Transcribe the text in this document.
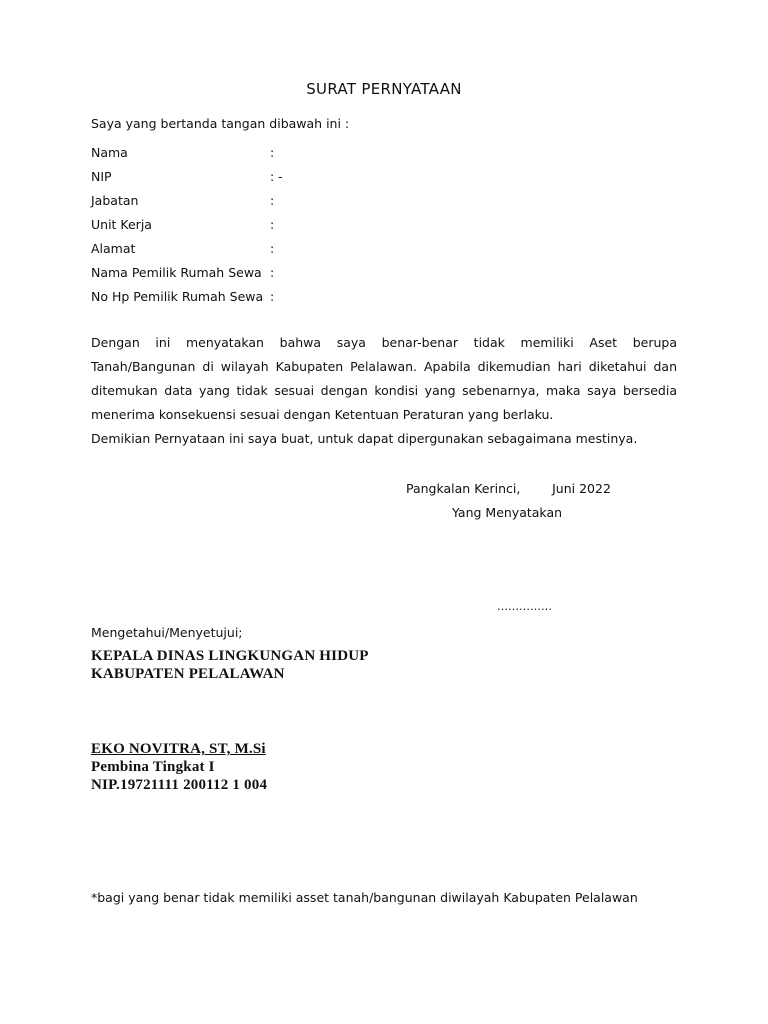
SURAT PERNYATAAN
Saya yang bertanda tangan dibawah ini :
Nama	:
NIP	: -
Jabatan	:
Unit Kerja	:
Alamat	:
Nama Pemilik Rumah Sewa :
No Hp Pemilik Rumah Sewa :
Dengan ini menyatakan bahwa saya benar-benar tidak memiliki Aset berupa Tanah/Bangunan di wilayah Kabupaten Pelalawan. Apabila dikemudian hari diketahui dan ditemukan data yang tidak sesuai dengan kondisi yang sebenarnya, maka saya bersedia menerima konsekuensi sesuai dengan Ketentuan Peraturan yang berlaku.
Demikian Pernyataan ini saya buat, untuk dapat dipergunakan sebagaimana mestinya.
Pangkalan Kerinci,        Juni 2022
Yang Menyatakan
……………
Mengetahui/Menyetujui;
KEPALA DINAS LINGKUNGAN HIDUP
KABUPATEN PELALAWAN
EKO NOVITRA, ST, M.Si
Pembina Tingkat I
NIP.19721111 200112 1 004
*bagi yang benar tidak memiliki asset tanah/bangunan diwilayah Kabupaten Pelalawan
